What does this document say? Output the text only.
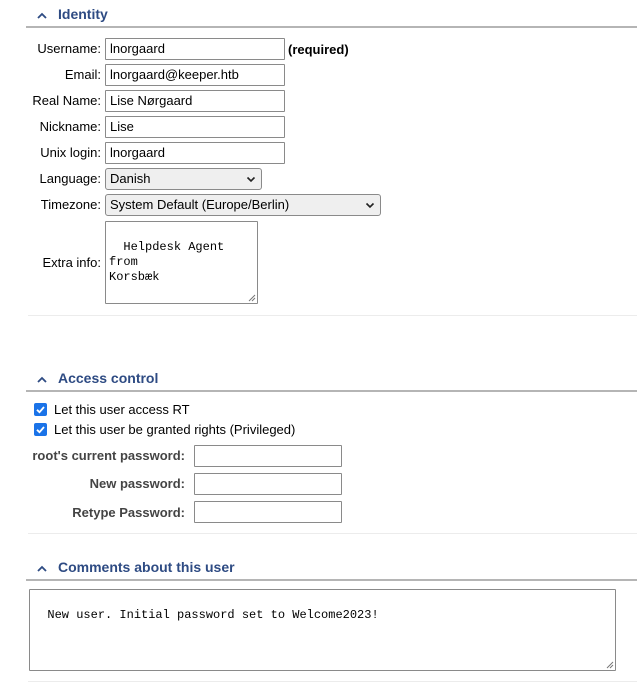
Identity
Username: lnorgaard	(required)
Email: lnorgaard@keeper.htb
Real Name: Lise Nørgaard
Nickname: Lise
Unix login: lnorgaard
Language: Danish
Timezone: System Default (Europe/Berlin)
Extra info:

Helpdesk Agent from
Korsbæk

Access control
Let this user access RT
Let this user be granted rights (Privileged)
root's current password:
New password:
Retype Password:
Comments about this user

New user. Initial password set to Welcome2023!
